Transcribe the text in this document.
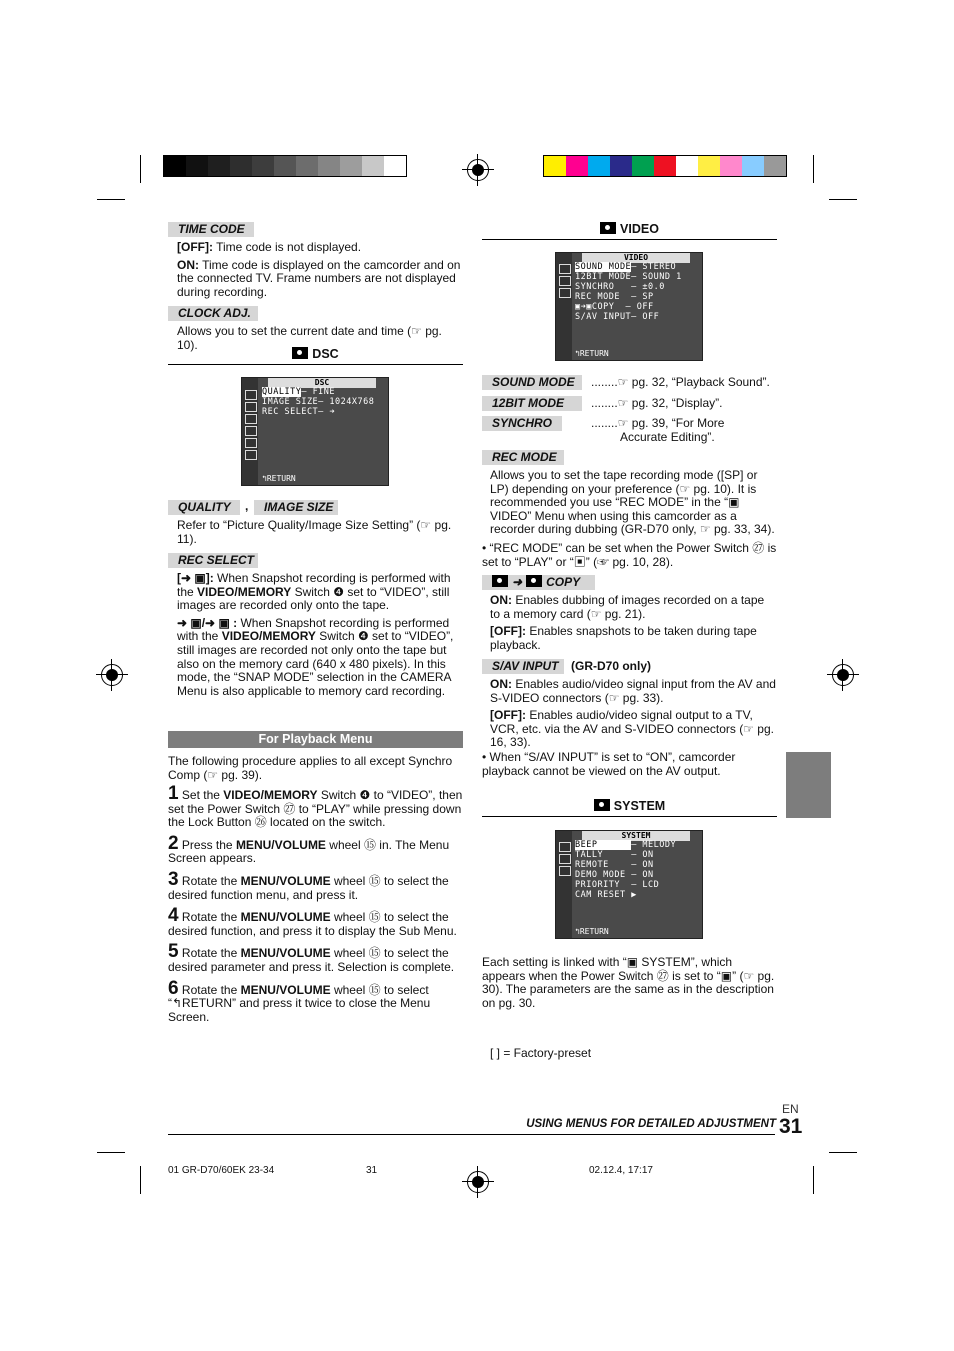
TIME CODE

[OFF]: Time code is not displayed.

ON: Time code is displayed on the camcorder and on the connected TV. Frame numbers are not displayed during recording.

CLOCK ADJ.
Allows you to set the current date and time (☞ pg. 10).
DSC
DSC
QUALITY– FINE
IMAGE SIZE– 1024X768
REC SELECT– ➜
↰RETURN
QUALITY	,	IMAGE SIZE
Refer to “Picture Quality/Image Size Setting” (☞ pg. 11).
REC SELECT

[➜ ▣]: When Snapshot recording is performed with the VIDEO/MEMORY Switch ❹ set to “VIDEO”, still images are recorded only onto the tape.

➜ ▣/➜ ▣ : When Snapshot recording is performed with the VIDEO/MEMORY Switch ❹ set to “VIDEO”, still images are recorded not only onto the tape but also on the memory card (640 x 480 pixels). In this mode, the “SNAP MODE” selection in the CAMERA Menu is also applicable to memory card recording.

For Playback Menu
The following procedure applies to all except Synchro Comp (☞ pg. 39).

1 Set the VIDEO/MEMORY Switch ❹ to “VIDEO”, then set the Power Switch ㉗ to “PLAY” while pressing down the Lock Button ㉖ located on the switch.

2 Press the MENU/VOLUME wheel ⑮ in. The Menu Screen appears.

3 Rotate the MENU/VOLUME wheel ⑮ to select the desired function menu, and press it.

4 Rotate the MENU/VOLUME wheel ⑮ to select the desired function, and press it to display the Sub Menu.

5 Rotate the MENU/VOLUME wheel ⑮ to select the desired parameter and press it. Selection is complete.

6 Rotate the MENU/VOLUME wheel ⑮ to select “↰RETURN” and press it twice to close the Menu Screen.

VIDEO
VIDEO
SOUND MODE– STEREO
12BIT MODE– SOUND 1
SYNCHRO   – ±0.0
REC MODE  – SP
▣➜▣COPY  – OFF
S/AV INPUT– OFF
↰RETURN
SOUND MODE	........☞ pg. 32, “Playback Sound”.
12BIT MODE	........☞ pg. 32, “Display”.
SYNCHRO	........☞ pg. 39, “For More

Accurate Editing”.

REC MODE
Allows you to set the tape recording mode ([SP] or LP) depending on your preference (☞ pg. 10). It is recommended you use “REC MODE” in the “▣ VIDEO” Menu when using this camcorder as a recorder during dubbing (GR-D70 only, ☞ pg. 33, 34).
• “REC MODE” can be set when the Power Switch ㉗ is set to “PLAY” or “▣” (☞ pg. 10, 28).
➜ COPY

ON: Enables dubbing of images recorded on a tape to a memory card (☞ pg. 21).

[OFF]: Enables snapshots to be taken during tape playback.

S/AV INPUT	(GR-D70 only)

ON: Enables audio/video signal input from the AV and S-VIDEO connectors (☞ pg. 33).

[OFF]: Enables audio/video signal output to a TV, VCR, etc. via the AV and S-VIDEO connectors (☞ pg. 16, 33).

• When “S/AV INPUT” is set to “ON”, camcorder playback cannot be viewed on the AV output.
SYSTEM
SYSTEM
BEEP      – MELODY
TALLY     – ON
REMOTE    – ON
DEMO MODE – ON
PRIORITY  – LCD
CAM RESET ▶
↰RETURN
Each setting is linked with “▣ SYSTEM”, which appears when the Power Switch ㉗ is set to “▣” (☞ pg. 30). The parameters are the same as in the description on pg. 30.
[ ] = Factory-preset
EN
USING MENUS FOR DETAILED ADJUSTMENT 31
01 GR-D70/60EK 23-34	31	02.12.4, 17:17
